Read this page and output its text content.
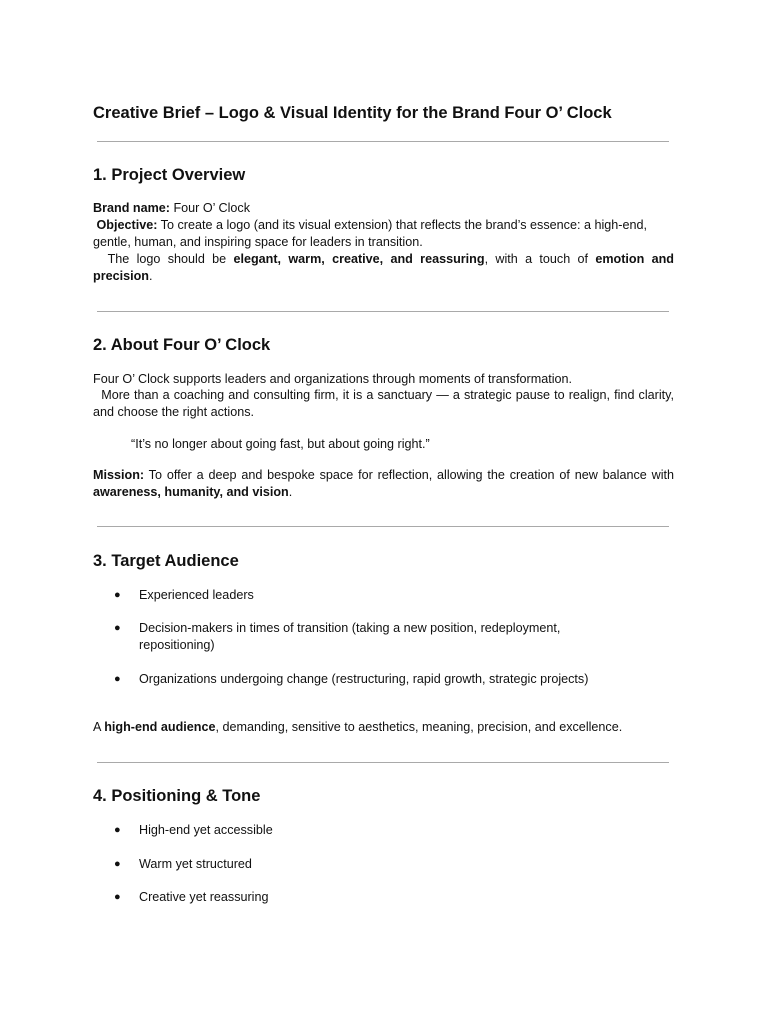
Creative Brief – Logo & Visual Identity for the Brand Four O’ Clock
1. Project Overview

Brand name: Four O’ Clock

Objective: To create a logo (and its visual extension) that reflects the brand’s essence: a high-end, gentle, human, and inspiring space for leaders in transition.

The logo should be elegant, warm, creative, and reassuring, with a touch of emotion and precision.

2. About Four O’ Clock

Four O’ Clock supports leaders and organizations through moments of transformation.

More than a coaching and consulting firm, it is a sanctuary — a strategic pause to realign, find clarity, and choose the right actions.

“It’s no longer about going fast, but about going right.”

Mission: To offer a deep and bespoke space for reflection, allowing the creation of new balance with awareness, humanity, and vision.

3. Target Audience
● Experienced leaders
● Decision-makers in times of transition (taking a new position, redeployment, repositioning)
● Organizations undergoing change (restructuring, rapid growth, strategic projects)

A high-end audience, demanding, sensitive to aesthetics, meaning, precision, and excellence.

4. Positioning & Tone
● High-end yet accessible
● Warm yet structured
● Creative yet reassuring
